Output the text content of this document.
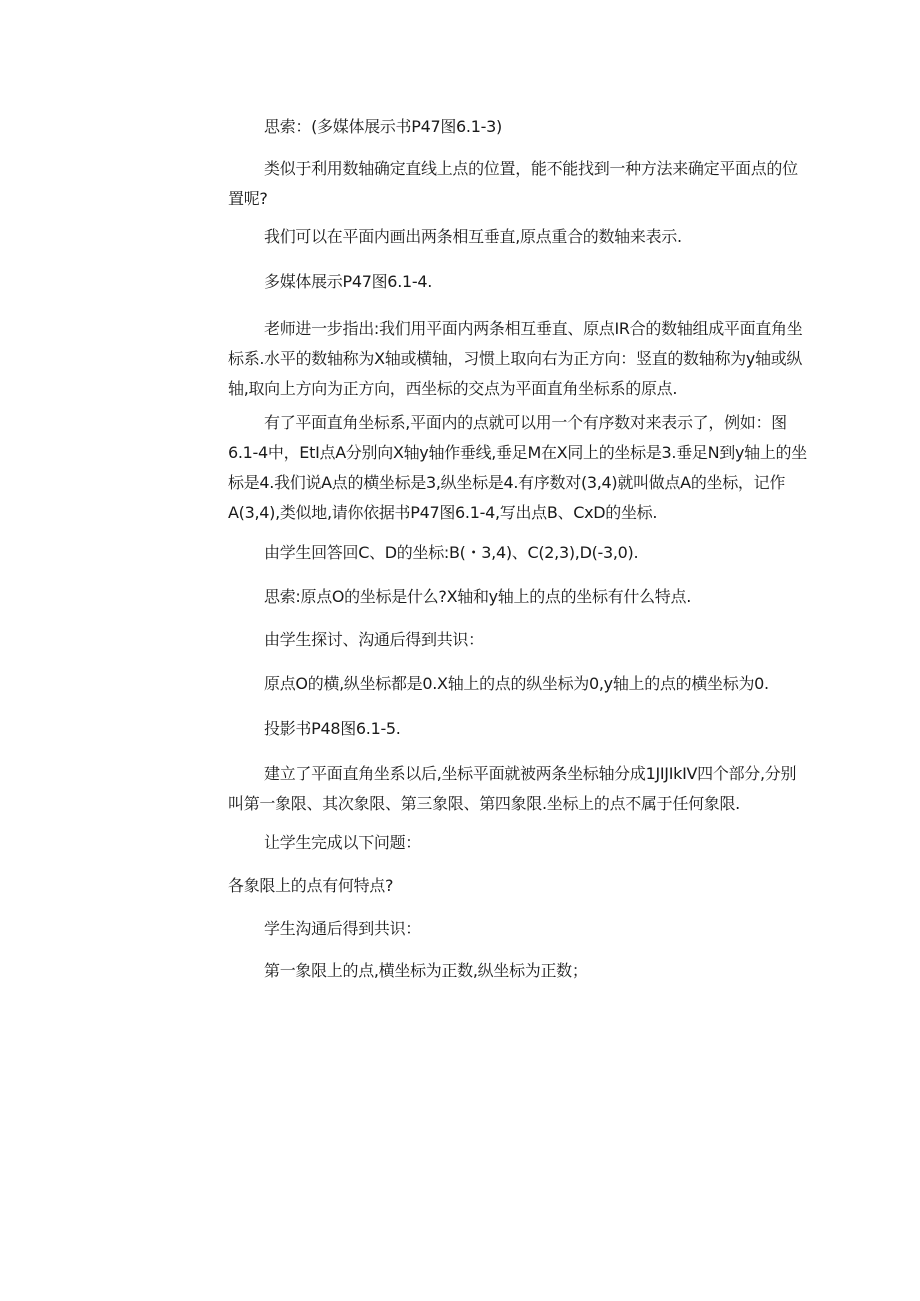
思索：(多媒体展示书P47图6.1-3)

类似于利用数轴确定直线上点的位置，能不能找到一种方法来确定平面点的位
置呢?

我们可以在平面内画出两条相互垂直,原点重合的数轴来表示.

多媒体展示P47图6.1-4.

老师进一步指出:我们用平面内两条相互垂直、原点IR合的数轴组成平面直角坐
标系.水平的数轴称为X轴或横轴，习惯上取向右为正方向：竖直的数轴称为y轴或纵
轴,取向上方向为正方向，西坐标的交点为平面直角坐标系的原点.

有了平面直角坐标系,平面内的点就可以用一个有序数对来表示了，例如：图
6.1-4中，EtI点A分别向X轴y轴作垂线,垂足M在X同上的坐标是3.垂足N到y轴上的坐
标是4.我们说A点的横坐标是3,纵坐标是4.有序数对(3,4)就叫做点A的坐标，记作
A(3,4),类似地,请你依据书P47图6.1-4,写出点B、CxD的坐标.

由学生回答回C、D的坐标:B(・3,4)、C(2,3),D(-3,0).

思索:原点O的坐标是什么?X轴和y轴上的点的坐标有什么特点.

由学生探讨、沟通后得到共识：

原点O的横,纵坐标都是0.X轴上的点的纵坐标为0,y轴上的点的横坐标为0.

投影书P48图6.1-5.

建立了平面直角坐系以后,坐标平面就被两条坐标轴分成1JIJIkIV四个部分,分别
叫第一象限、其次象限、第三象限、第四象限.坐标上的点不属于任何象限.

让学生完成以下问题：

各象限上的点有何特点?

学生沟通后得到共识：

第一象限上的点,横坐标为正数,纵坐标为正数；
